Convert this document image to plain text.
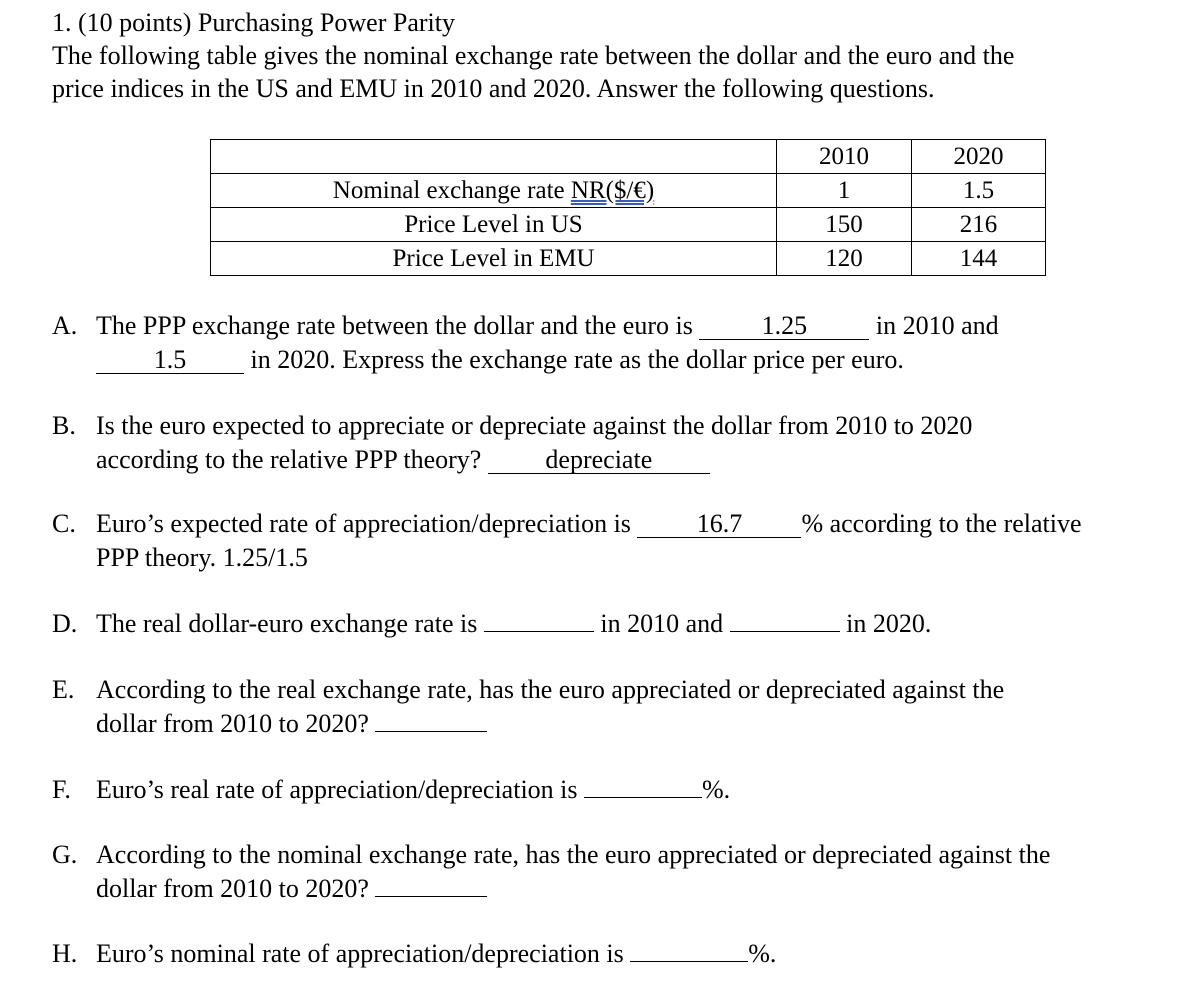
1. (10 points) Purchasing Power Parity
The following table gives the nominal exchange rate between the dollar and the euro and the
price indices in the US and EMU in 2010 and 2020. Answer the following questions.
	2010	2020
Nominal exchange rate NR($/€)	1	1.5
Price Level in US	150	216
Price Level in EMU	120	144
A. The PPP exchange rate between the dollar and the euro is 1.25 in 2010 and
1.5 in 2020. Express the exchange rate as the dollar price per euro.
B. Is the euro expected to appreciate or depreciate against the dollar from 2010 to 2020
according to the relative PPP theory? depreciate
C. Euro’s expected rate of appreciation/depreciation is 16.7 % according to the relative
PPP theory. 1.25/1.5
D. The real dollar-euro exchange rate is	in 2010 and	in 2020.
E. According to the real exchange rate, has the euro appreciated or depreciated against the
dollar from 2010 to 2020?
F. Euro’s real rate of appreciation/depreciation is	%.
G. According to the nominal exchange rate, has the euro appreciated or depreciated against the
dollar from 2010 to 2020?
H. Euro’s nominal rate of appreciation/depreciation is	%.
